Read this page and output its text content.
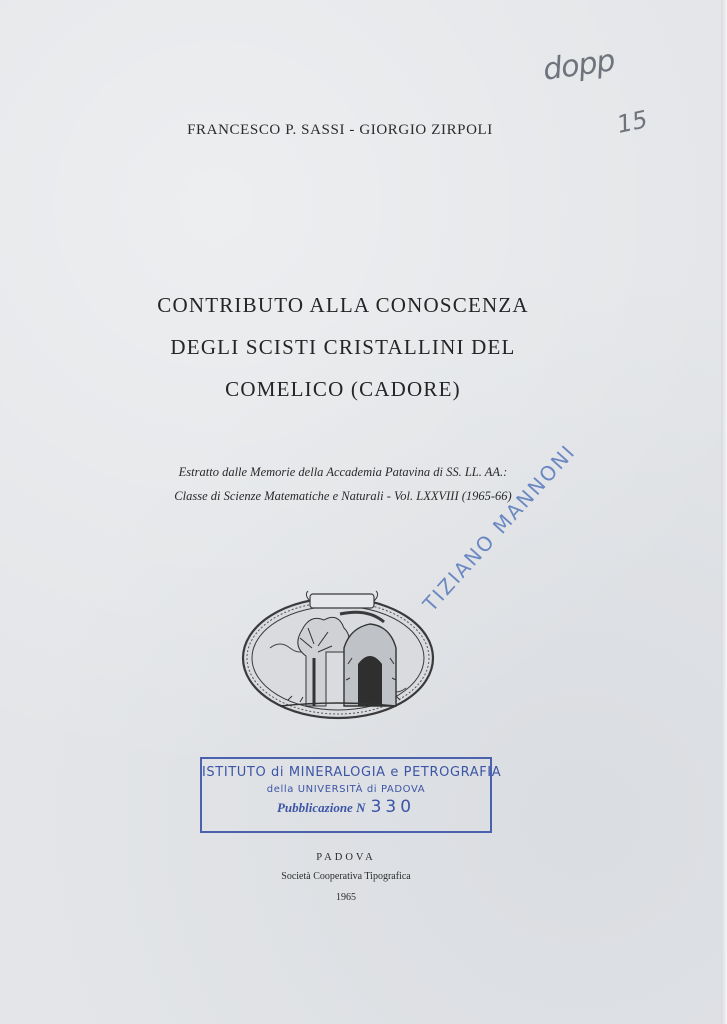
dopp
15
FRANCESCO P. SASSI - GIORGIO ZIRPOLI
CONTRIBUTO ALLA CONOSCENZA
DEGLI SCISTI CRISTALLINI DEL
COMELICO (CADORE)
Estratto dalle Memorie della Accademia Patavina di SS. LL. AA.:
Classe di Scienze Matematiche e Naturali - Vol. LXXVIII (1965-66)
TIZIANO MANNONI
ISTITUTO di MINERALOGIA e PETROGRAFIA
della UNIVERSITÀ di PADOVA
Pubblicazione N 330
PADOVA
Società Cooperativa Tipografica
1965
